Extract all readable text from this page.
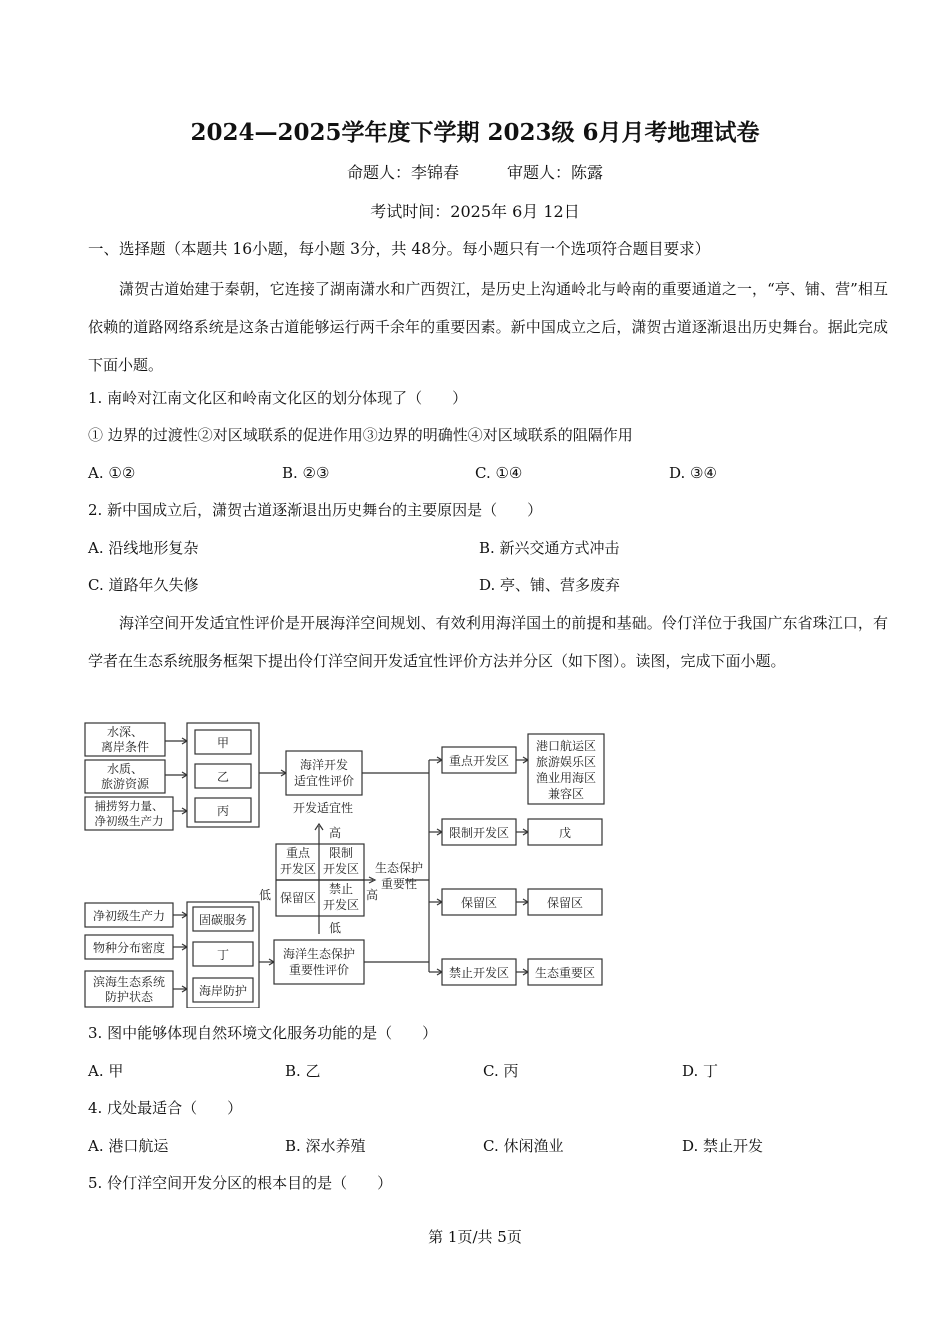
2024—2025学年度下学期 2023级 6月月考地理试卷
命题人：李锦春　　　审题人：陈露
考试时间：2025年 6月 12日
一、选择题（本题共 16小题，每小题 3分，共 48分。每小题只有一个选项符合题目要求）

潇贺古道始建于秦朝，它连接了湖南潇水和广西贺江，是历史上沟通岭北与岭南的重要通道之一，“亭、铺、营”相互依赖的道路网络系统是这条古道能够运行两千余年的重要因素。新中国成立之后，潇贺古道逐渐退出历史舞台。据此完成下面小题。

1. 南岭对江南文化区和岭南文化区的划分体现了（　　）
① 边界的过渡性②对区域联系的促进作用③边界的明确性④对区域联系的阻隔作用
A. ①②	B. ②③	C. ①④	D. ③④
2. 新中国成立后，潇贺古道逐渐退出历史舞台的主要原因是（　　）
A. 沿线地形复杂	B. 新兴交通方式冲击
C. 道路年久失修	D. 亭、铺、营多废弃

海洋空间开发适宜性评价是开展海洋空间规划、有效利用海洋国土的前提和基础。伶仃洋位于我国广东省珠江口，有学者在生态系统服务框架下提出伶仃洋空间开发适宜性评价方法并分区（如下图）。读图，完成下面小题。

水深、
离岸条件
水质、
旅游资源
捕捞努力量、
净初级生产力
甲
乙
丙
海洋开发
适宜性评价
开发适宜性
高
低
重点
开发区
限制
开发区
保留区
禁止
开发区
低	高
生态保护
重要性
净初级生产力
物种分布密度
滨海生态系统
防护状态
固碳服务
丁
海岸防护
海洋生态保护
重要性评价
重点开发区
限制开发区
保留区
禁止开发区
港口航运区
旅游娱乐区
渔业用海区
兼容区
戊
保留区
生态重要区
3. 图中能够体现自然环境文化服务功能的是（　　）
A. 甲	B. 乙	C. 丙	D. 丁
4. 戊处最适合（　　）
A. 港口航运	B. 深水养殖	C. 休闲渔业	D. 禁止开发
5. 伶仃洋空间开发分区的根本目的是（　　）
第 1页/共 5页
